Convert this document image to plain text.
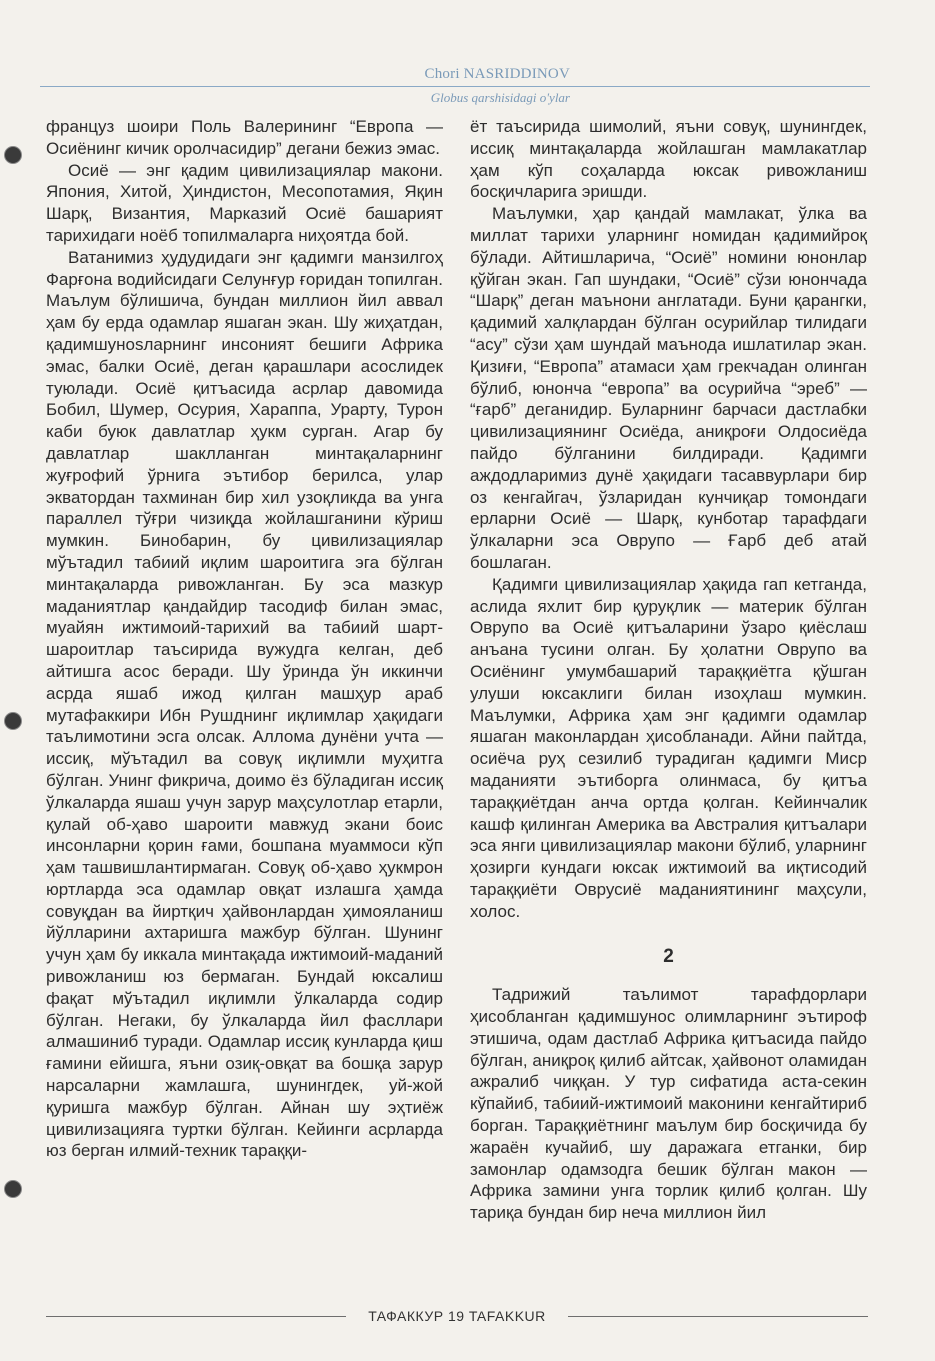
Chori NASRIDDINOV
Globus qarshisidagi o'ylar

француз шоири Поль Валерининг “Европа — Осиёнинг кичик оролчасидир” дегани бежиз эмас.

Осиё — энг қадим цивилизациялар макони. Япония, Хитой, Ҳиндистон, Месопотамия, Яқин Шарқ, Византия, Марказий Осиё башарият тарихидаги ноёб топилмаларга ниҳоятда бой.

Ватанимиз ҳудудидаги энг қадимги манзилгоҳ Фарғона водийсидаги Селунғур ғоридан топилган. Маълум бўлишича, бундан миллион йил аввал ҳам бу ерда одамлар яшаган экан. Шу жиҳатдан, қадимшунosларнинг инсоният бешиги Африка эмас, балки Осиё, деган қарашлари асослидек туюлади. Осиё қитъасида асрлар давомида Бобил, Шумер, Осурия, Хараппа, Урарту, Турон каби буюк давлатлар ҳукм сурган. Агар бу давлатлар шаклланган минтақаларнинг жуғрофий ўрнига эътибор берилса, улар экватордан тахминан бир хил узоқликда ва унга параллел тўғри чизиқда жойлашганини кўриш мумкин. Бинобарин, бу цивилизациялар мўътадил табиий иқлим шароитига эга бўлган минтақаларда ривожланган. Бу эса мазкур маданиятлар қандайдир тасодиф билан эмас, муайян ижтимоий-тарихий ва табиий шарт-шароитлар таъсирида вужудга келган, деб айтишга асос беради. Шу ўринда ўн иккинчи асрда яшаб ижод қилган машҳур араб мутафаккири Ибн Рушднинг иқлимлар ҳақидаги таълимотини эсга олсак. Аллома дунёни учта — иссиқ, мўътадил ва совуқ иқлимли муҳитга бўлган. Унинг фикрича, доимо ёз бўладиган иссиқ ўлкаларда яшаш учун зарур маҳсулотлар етарли, қулай об-ҳаво шароити мавжуд экани боис инсонларни қорин ғами, бошпана муаммоси кўп ҳам ташвишлантирмаган. Совуқ об-ҳаво ҳукмрон юртларда эса одамлар овқат излашга ҳамда совуқдан ва йиртқич ҳайвонлардан ҳимояланиш йўлларини ахтаришга мажбур бўлган. Шунинг учун ҳам бу иккала минтақада ижтимоий-маданий ривожланиш юз бермаган. Бундай юксалиш фақат мўътадил иқлимли ўлкаларда содир бўлган. Негаки, бу ўлкаларда йил фасллари алмашиниб туради. Одамлар иссиқ кунларда қиш ғамини ейишга, яъни озиқ-овқат ва бошқа зарур нарсаларни жамлашга, шунингдек, уй-жой қуришга мажбур бўлган. Айнан шу эҳтиёж цивилизацияга туртки бўлган. Кейинги асрларда юз берган илмий-техник тараққи-

ёт таъсирида шимолий, яъни совуқ, шунингдек, иссиқ минтақаларда жойлашган мамлакатлар ҳам кўп соҳаларда юксак ривожланиш босқичларига эришди.

Маълумки, ҳар қандай мамлакат, ўлка ва миллат тарихи уларнинг номидан қадимийроқ бўлади. Айтишларича, “Осиё” номини юнонлар қўйган экан. Гап шундаки, “Осиё” сўзи юнончада “Шарқ” деган маънони англатади. Буни қарангки, қадимий халқлардан бўлган осурийлар тилидаги “асу” сўзи ҳам шундай маънода ишлатилар экан. Қизиғи, “Европа” атамаси ҳам грекчадан олинган бўлиб, юнонча “европа” ва осурийча “эреб” — “ғарб” деганидир. Буларнинг барчаси дастлабки цивилизациянинг Осиёда, аниқроғи Олдосиёда пайдо бўлганини билдиради. Қадимги аждодларимиз дунё ҳақидаги тасаввурлари бир оз кенгайгач, ўзларидан кунчиқар томондаги ерларни Осиё — Шарқ, кунботар тарафдаги ўлкаларни эса Оврупо — Ғарб деб атай бошлаган.

Қадимги цивилизациялар ҳақида гап кетганда, аслида яхлит бир қуруқлик — материк бўлган Оврупо ва Осиё қитъаларини ўзаро қиёслаш анъана тусини олган. Бу ҳолатни Оврупо ва Осиёнинг умумбашарий тараққиётга қўшган улуши юксаклиги билан изоҳлаш мумкин. Маълумки, Африка ҳам энг қадимги одамлар яшаган маконлардан ҳисобланади. Айни пайтда, осиёча руҳ сезилиб турадиган қадимги Миср маданияти эътиборга олинмаса, бу қитъа тараққиётдан анча ортда қолган. Кейинчалик кашф қилинган Америка ва Австралия қитъалари эса янги цивилизациялар макони бўлиб, уларнинг ҳозирги кундаги юксак ижтимоий ва иқтисодий тараққиёти Оврусиё маданиятининг маҳсули, холос.

2

Тадрижий таълимот тарафдорлари ҳисобланган қадимшунос олимларнинг эътироф этишича, одам дастлаб Африка қитъасида пайдо бўлган, аниқроқ қилиб айтсак, ҳайвонот оламидан ажралиб чиққан. У тур сифатида аста-секин кўпайиб, табиий-ижтимоий маконини кенгайтириб борган. Тараққиётнинг маълум бир босқичида бу жараён кучайиб, шу даражага етганки, бир замонлар одамзодга бешик бўлган макон — Африка замини унга торлик қилиб қолган. Шу тариқа бундан бир неча миллион йил

ТАФАККУР 19 TAFAKKUR
